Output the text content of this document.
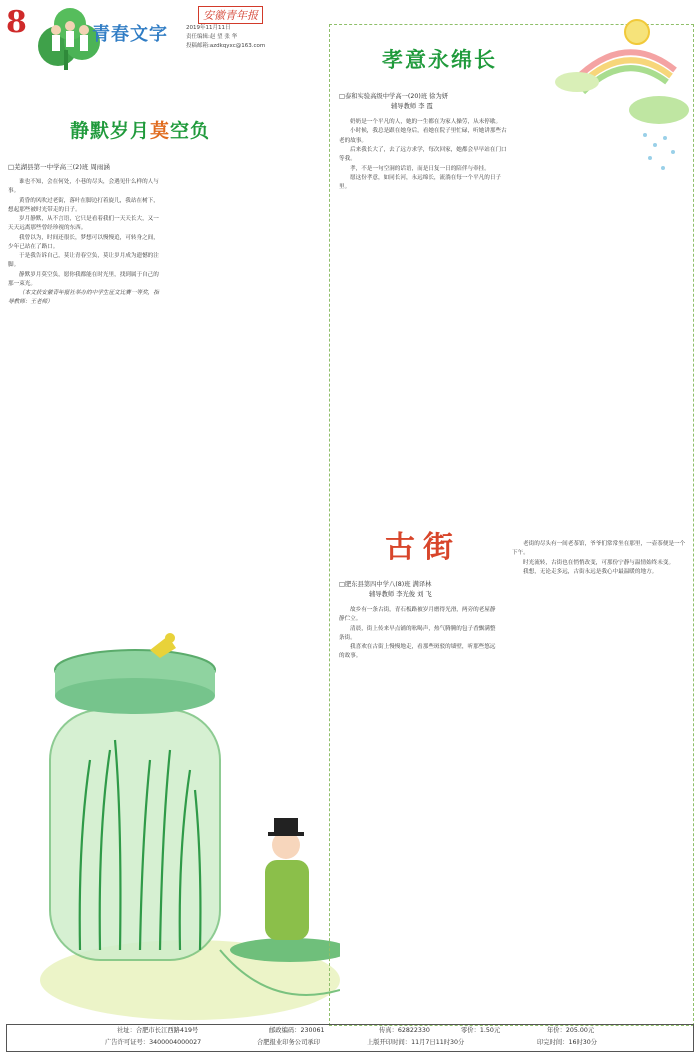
8	青春文字
安徽青年报
2019年11月11日
责任编辑:赵 望 张 华
投稿邮箱:azdkqyxc@163.com
静默岁月莫空负
□芜湖县第一中学高三(2)班 周雨涵

谁也不知，会在何处，小巷的尽头，会遇见什么样的人与事。

黄昏的风吹过老街，落叶在脚边打着旋儿，我站在树下，想起那些被时光带走的日子。

岁月静默，从不言语，它只是看着我们一天天长大，又一天天远离那些曾经珍视的东西。

我曾以为，时间还很长，梦想可以慢慢追，可转身之间，少年已站在了路口。

于是我告诉自己，莫让青春空负，莫让岁月成为遗憾的注脚。

静默岁月莫空负，愿你我都能在时光里，找到属于自己的那一束光。

（本文获安徽青年报社举办的中学生征文比赛一等奖，指导教师：王老师）

孝意永绵长
□泰和实验高级中学高一(20)班 徐为妍
辅导教师 李 霞

奶奶是一个平凡的人，她的一生都在为家人操劳，从未停歇。

小时候，我总是跟在她身后，看她在院子里忙碌，听她讲那些古老的故事。

后来我长大了，去了远方求学，每次回家，她都会早早站在门口等我。

孝，不是一句空洞的话语，而是日复一日的陪伴与牵挂。

愿这份孝意，如同长河，永远绵长，流淌在每一个平凡的日子里。

古街
□肥东县第四中学八(8)班 满译林
辅导教师 李光俊 刘 飞

故乡有一条古街，青石板路被岁月磨得光滑，两旁的老屋静静伫立。

清晨，街上传来早点铺的吆喝声，热气腾腾的包子香飘满整条街。

我喜欢在古街上慢慢地走，看那些斑驳的墙壁，听那些悠远的故事。

老街的尽头有一间老茶馆，爷爷们常常坐在那里，一壶茶便是一个下午。

时光流转，古街也在悄悄改变，可那份宁静与温情始终未变。

我想，无论走多远，古街永远是我心中最温暖的地方。

社址：合肥市长江西路419号	邮政编码：230061	传真：62822330	零价：1.50元	年价：205.00元
广告许可证号：3400004000027	合肥报业印务公司承印	上版开印时间：11月7日11时30分	印完时间：16时30分
